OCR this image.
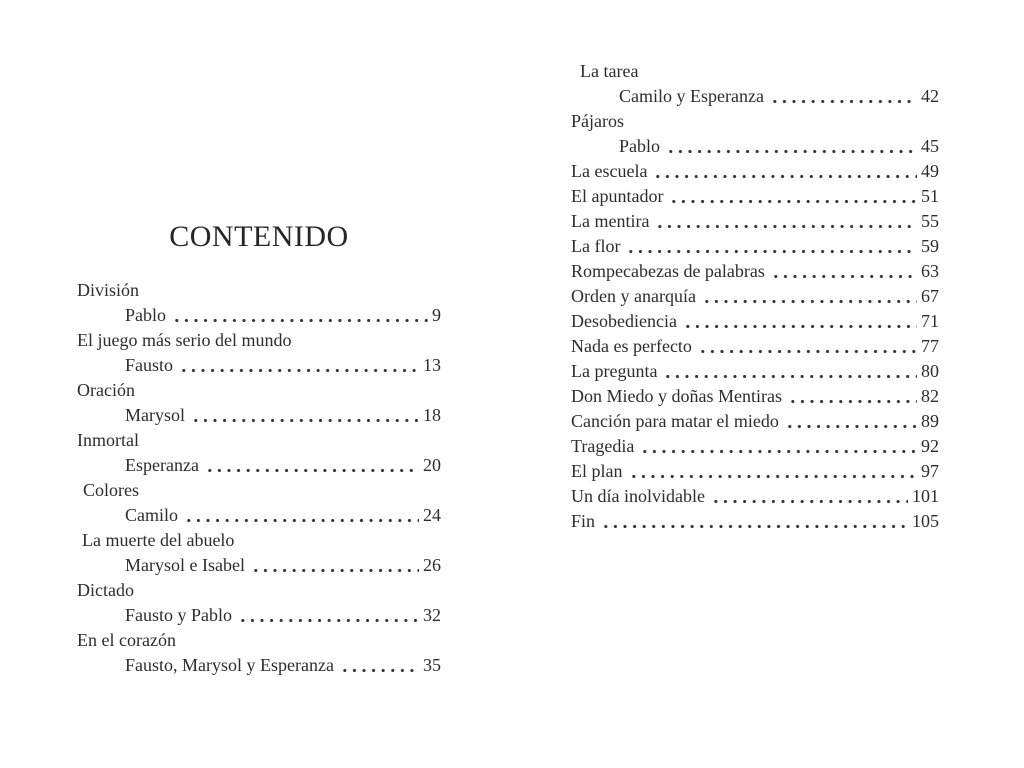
CONTENIDO
División
Pablo	9
El juego más serio del mundo
Fausto	13
Oración
Marysol	18
Inmortal
Esperanza	20
Colores
Camilo	24
La muerte del abuelo
Marysol e Isabel	26
Dictado
Fausto y Pablo	32
En el corazón
Fausto, Marysol y Esperanza	35
La tarea
Camilo y Esperanza	42
Pájaros
Pablo	45
La escuela	49
El apuntador	51
La mentira	55
La flor	59
Rompecabezas de palabras	63
Orden y anarquía	67
Desobediencia	71
Nada es perfecto	77
La pregunta	80
Don Miedo y doñas Mentiras	82
Canción para matar el miedo	89
Tragedia	92
El plan	97
Un día inolvidable	101
Fin	105
